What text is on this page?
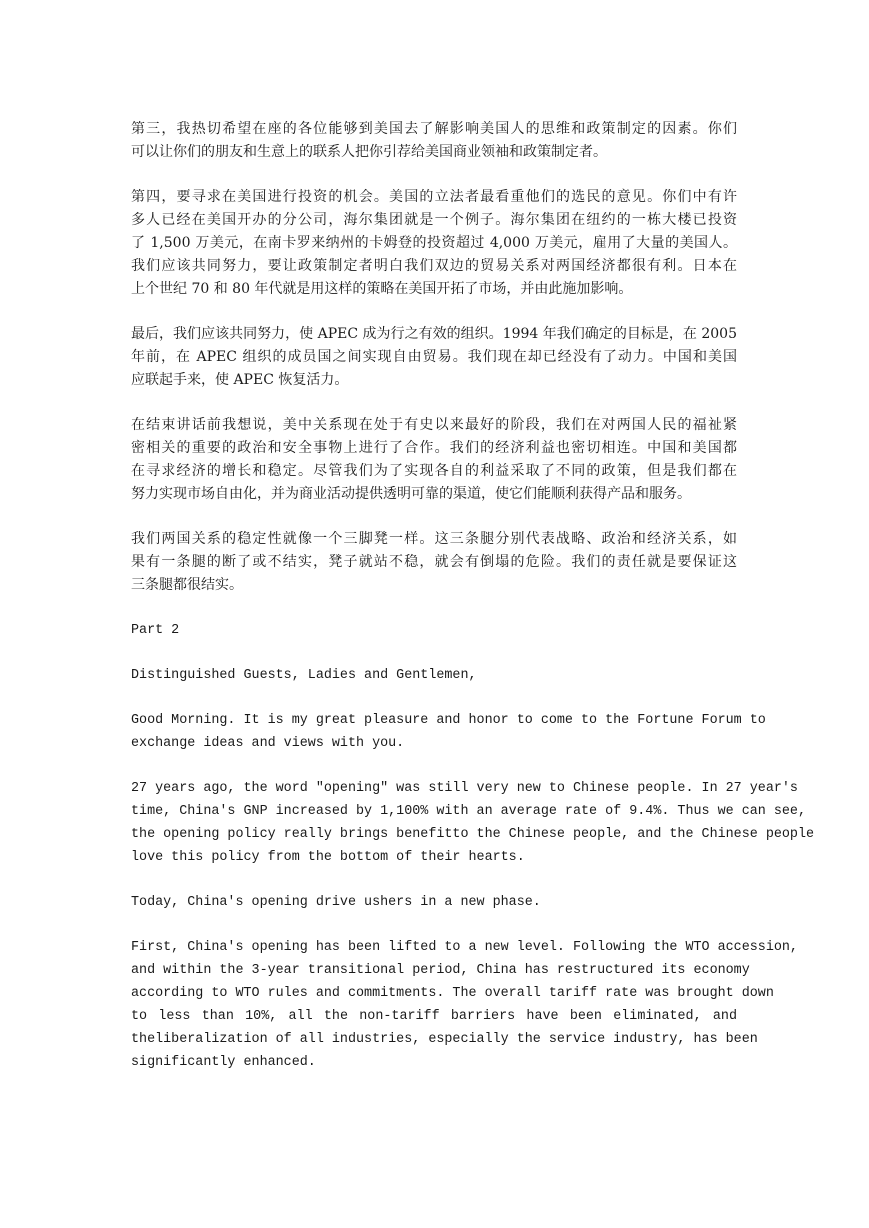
第三，我热切希望在座的各位能够到美国去了解影响美国人的思维和政策制定的因素。你们
可以让你们的朋友和生意上的联系人把你引荐给美国商业领袖和政策制定者。

第四，要寻求在美国进行投资的机会。美国的立法者最看重他们的选民的意见。你们中有许
多人已经在美国开办的分公司，海尔集团就是一个例子。海尔集团在纽约的一栋大楼已投资
了 1,500 万美元，在南卡罗来纳州的卡姆登的投资超过 4,000 万美元，雇用了大量的美国人。
我们应该共同努力，要让政策制定者明白我们双边的贸易关系对两国经济都很有利。日本在
上个世纪 70 和 80 年代就是用这样的策略在美国开拓了市场，并由此施加影响。

最后，我们应该共同努力，使 APEC 成为行之有效的组织。1994 年我们确定的目标是，在 2005
年前，在 APEC 组织的成员国之间实现自由贸易。我们现在却已经没有了动力。中国和美国
应联起手来，使 APEC 恢复活力。

在结束讲话前我想说，美中关系现在处于有史以来最好的阶段，我们在对两国人民的福祉紧
密相关的重要的政治和安全事物上进行了合作。我们的经济利益也密切相连。中国和美国都
在寻求经济的增长和稳定。尽管我们为了实现各自的利益采取了不同的政策，但是我们都在
努力实现市场自由化，并为商业活动提供透明可靠的渠道，使它们能顺利获得产品和服务。

我们两国关系的稳定性就像一个三脚凳一样。这三条腿分别代表战略、政治和经济关系，如
果有一条腿的断了或不结实，凳子就站不稳，就会有倒塌的危险。我们的责任就是要保证这
三条腿都很结实。

Part 2

Distinguished Guests, Ladies and Gentlemen,

Good Morning. It is my great pleasure and honor to come to the Fortune Forum to
exchange ideas and views with you.

27 years ago, the word "opening" was still very new to Chinese people. In 27 year's
time, China's GNP increased by 1,100% with an average rate of 9.4%. Thus we can see,
the opening policy really brings benefitto the Chinese people, and the Chinese people
love this policy from the bottom of their hearts.

Today, China's opening drive ushers in a new phase.

First, China's opening has been lifted to a new level. Following the WTO accession,
and within the 3-year transitional period, China has restructured its economy
according to WTO rules and commitments. The overall tariff rate was brought down
to less than 10%, all the non-tariff barriers have been eliminated, and
theliberalization of all industries, especially the service industry, has been
significantly enhanced.
